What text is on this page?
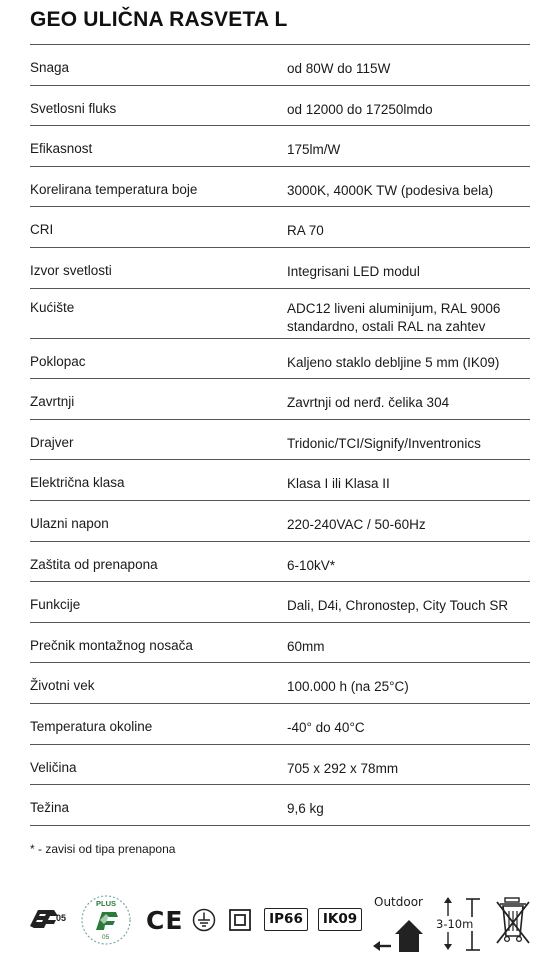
GEO ULIČNA RASVETA L
Snaga	od 80W do 115W
Svetlosni fluks	od 12000 do 17250lmdo
Efikasnost	175lm/W
Korelirana temperatura boje	3000K, 4000K TW (podesiva bela)
CRI	RA 70
Izvor svetlosti	Integrisani LED modul
Kućište	ADC12 liveni aluminijum, RAL 9006
standardno, ostali RAL na zahtev
Poklopac	Kaljeno staklo debljine 5 mm (IK09)
Zavrtnji	Zavrtnji od nerđ. čelika 304
Drajver	Tridonic/TCI/Signify/Inventronics
Električna klasa	Klasa I ili Klasa II
Ulazni napon	220-240VAC / 50-60Hz
Zaštita od prenapona	6-10kV*
Funkcije	Dali, D4i, Chronostep, City Touch SR
Prečnik montažnog nosača	60mm
Životni vek	100.000 h (na 25°C)
Temperatura okoline	-40° do 40°C
Veličina	705 x 292 x 78mm
Težina	9,6 kg
* - zavisi od tipa prenapona
05
PLUS
05
CE	IP66	IK09
Outdoor
3-10m
